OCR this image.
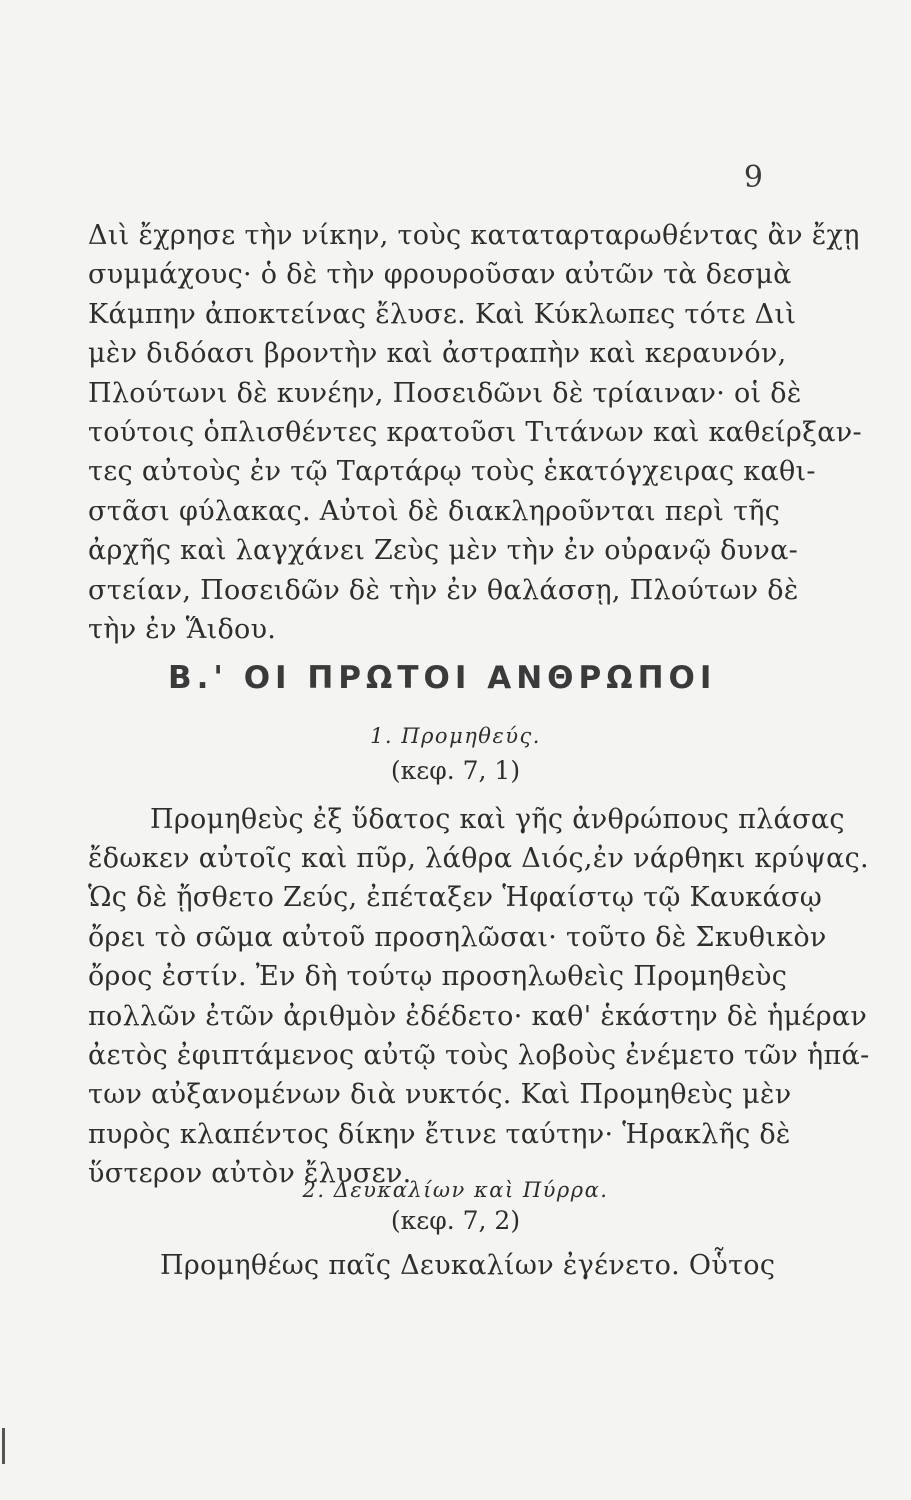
9
Διὶ ἔχρησε τὴν νίκην, τοὺς καταταρταρωθέντας ἂν ἔχῃ
συμμάχους· ὁ δὲ τὴν φρουροῦσαν αὐτῶν τὰ δεσμὰ
Κάμπην ἀποκτείνας ἔλυσε. Καὶ Κύκλωπες τότε Διὶ
μὲν διδόασι βροντὴν καὶ ἀστραπὴν καὶ κεραυνόν,
Πλούτωνι δὲ κυνέην, Ποσειδῶνι δὲ τρίαιναν· οἱ δὲ
τούτοις ὁπλισθέντες κρατοῦσι Τιτάνων καὶ καθείρξαν-
τες αὐτοὺς ἐν τῷ Ταρτάρῳ τοὺς ἑκατόγχειρας καθι-
στᾶσι φύλακας. Αὐτοὶ δὲ διακληροῦνται περὶ τῆς
ἀρχῆς καὶ λαγχάνει Ζεὺς μὲν τὴν ἐν οὐρανῷ δυνα-
στείαν, Ποσειδῶν δὲ τὴν ἐν θαλάσσῃ, Πλούτων δὲ
τὴν ἐν Ἅιδου.
Β.' ΟΙ ΠΡΩΤΟΙ ΑΝΘΡΩΠΟΙ
1. Προμηθεύς.
(κεφ. 7, 1)
Προμηθεὺς ἐξ ὕδατος καὶ γῆς ἀνθρώπους πλάσας
ἔδωκεν αὐτοῖς καὶ πῦρ, λάθρα Διός,ἐν νάρθηκι κρύψας.
Ὡς δὲ ᾔσθετο Ζεύς, ἐπέταξεν Ἡφαίστῳ τῷ Καυκάσῳ
ὄρει τὸ σῶμα αὐτοῦ προσηλῶσαι· τοῦτο δὲ Σκυθικὸν
ὄρος ἐστίν. Ἐν δὴ τούτῳ προσηλωθεὶς Προμηθεὺς
πολλῶν ἐτῶν ἀριθμὸν ἐδέδετο· καθ' ἑκάστην δὲ ἡμέραν
ἀετὸς ἐφιπτάμενος αὐτῷ τοὺς λοβοὺς ἐνέμετο τῶν ἡπά-
των αὐξανομένων διὰ νυκτός. Καὶ Προμηθεὺς μὲν
πυρὸς κλαπέντος δίκην ἔτινε ταύτην· Ἡρακλῆς δὲ
ὕστερον αὐτὸν ἔλυσεν.
2. Δευκαλίων καὶ Πύρρα.
(κεφ. 7, 2)
Προμηθέως παῖς Δευκαλίων ἐγένετο. Οὗτος
